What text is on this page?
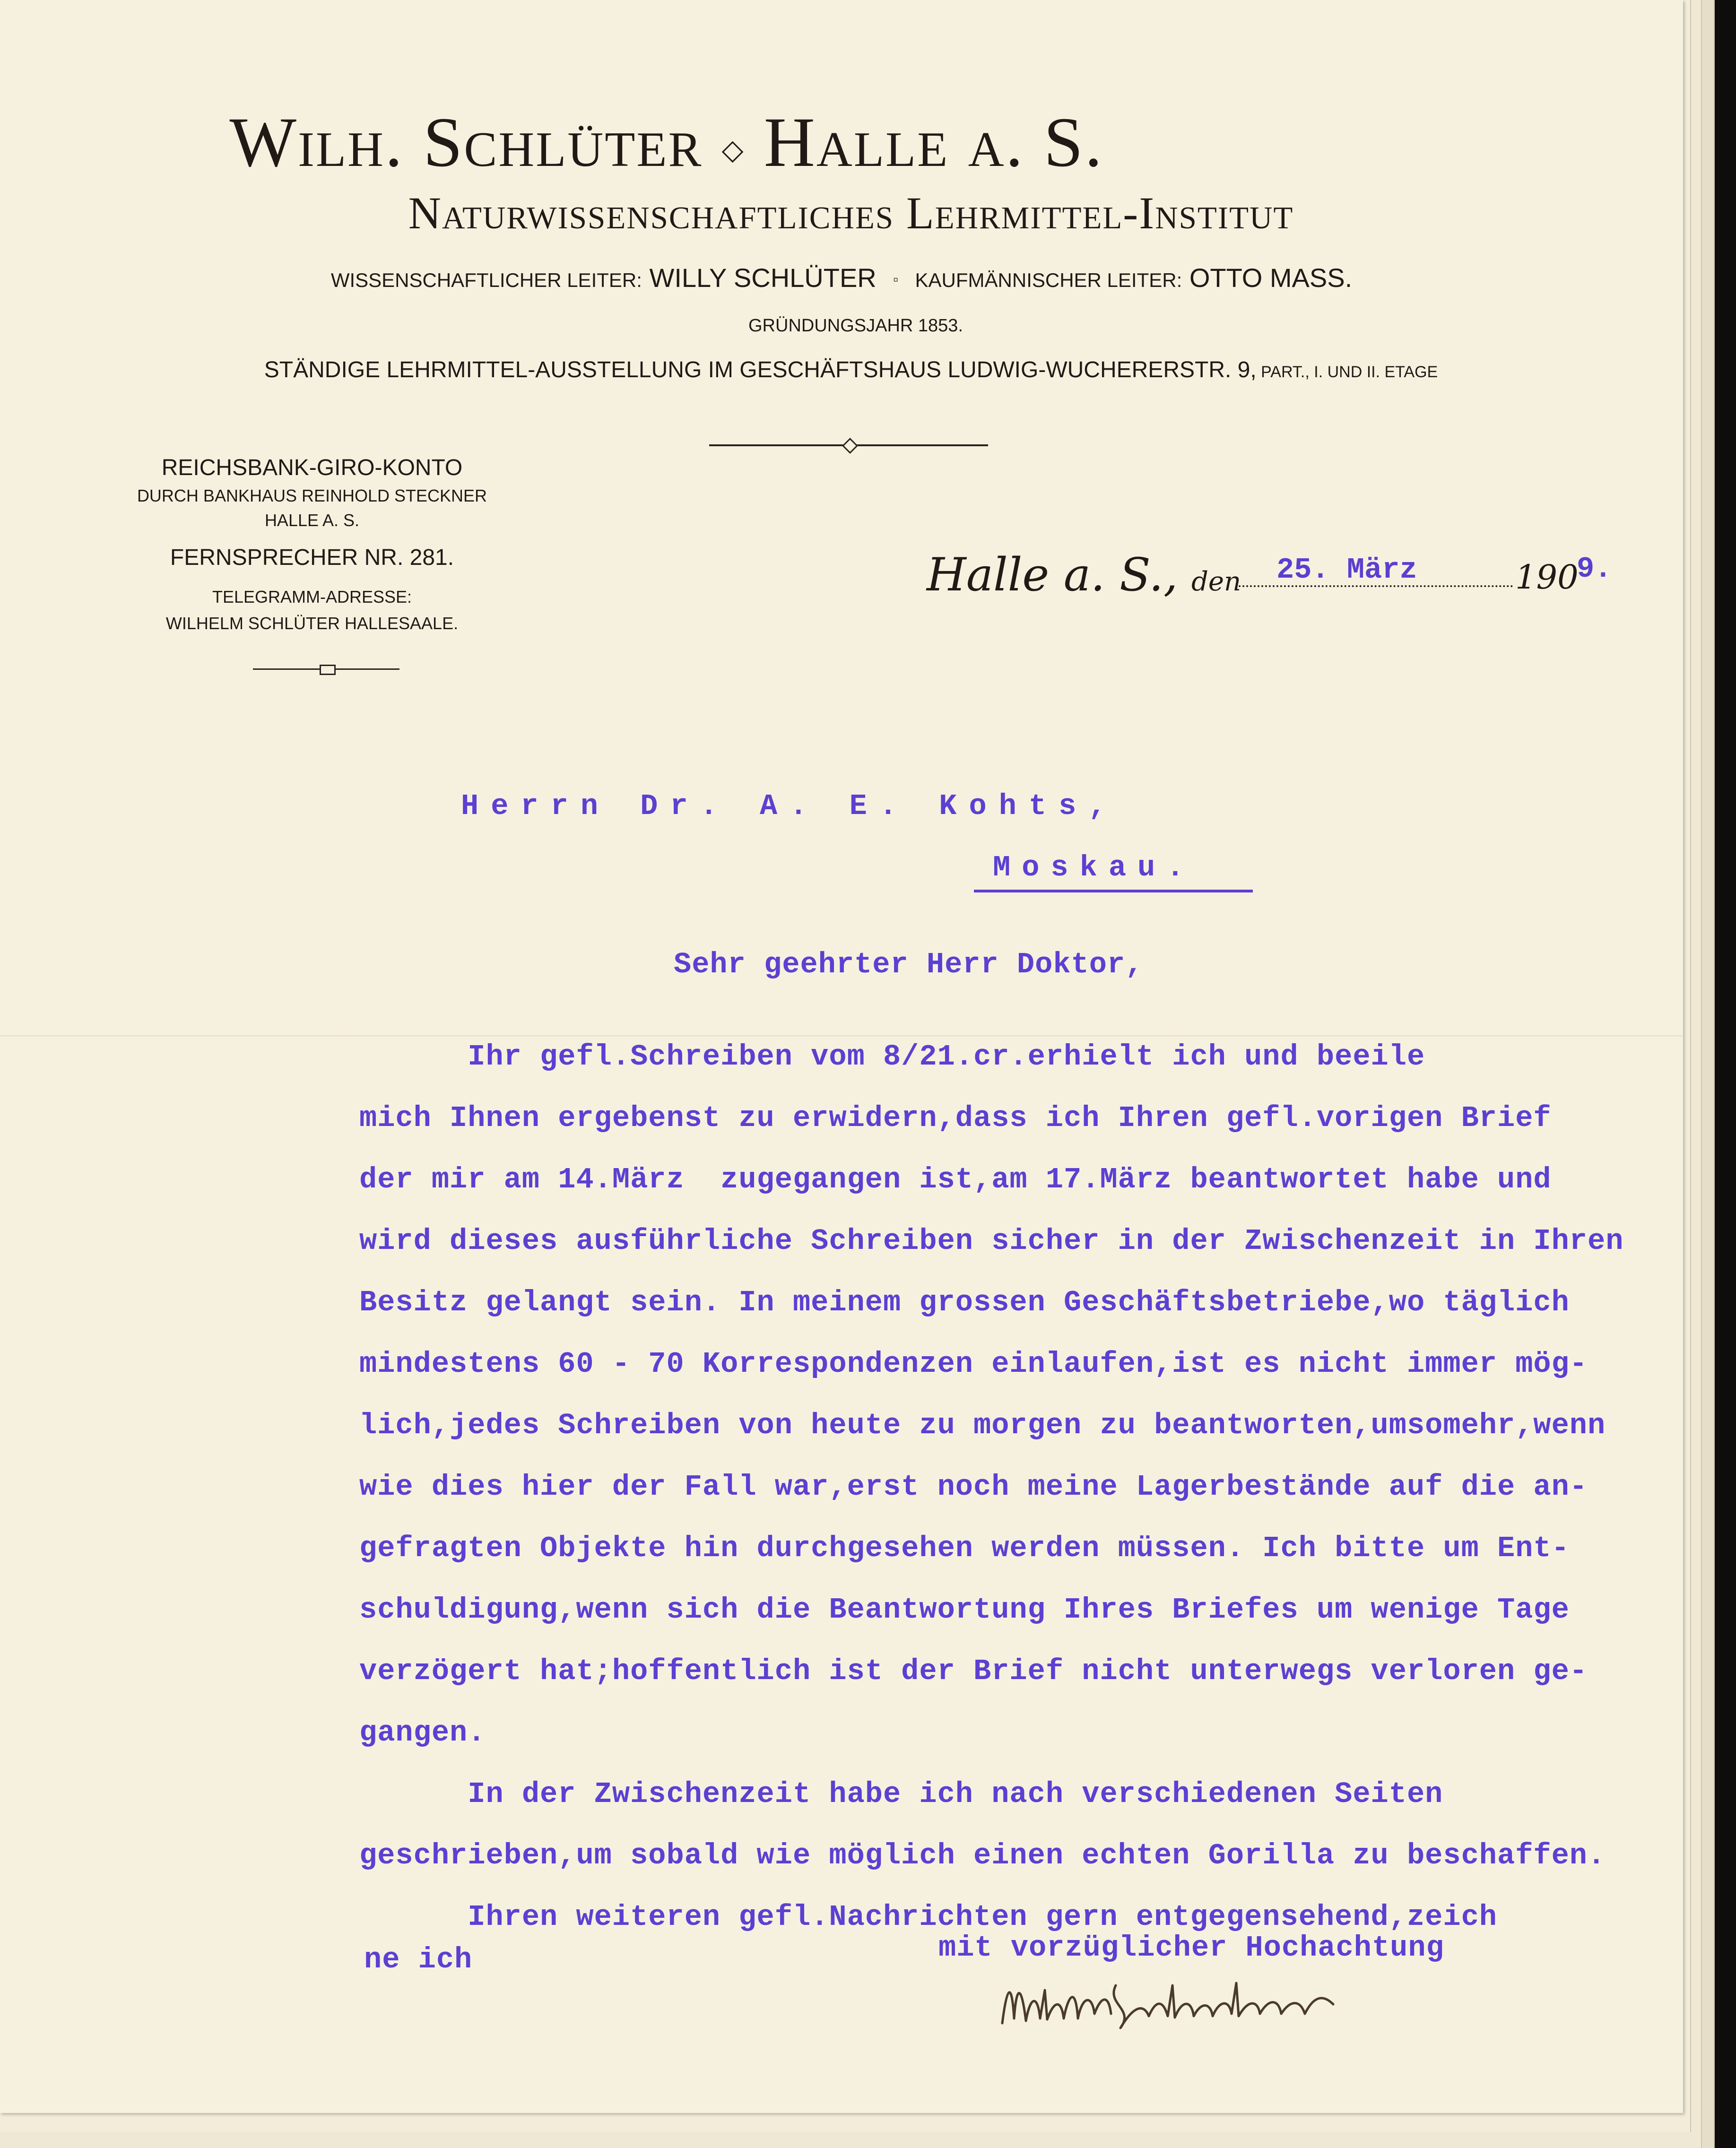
Wilh. Schlüter ◇ Halle a. S.
Naturwissenschaftliches Lehrmittel-Institut
WISSENSCHAFTLICHER LEITER: WILLY SCHLÜTER ▫ KAUFMÄNNISCHER LEITER: OTTO MASS.
GRÜNDUNGSJAHR 1853.
STÄNDIGE LEHRMITTEL-AUSSTELLUNG IM GESCHÄFTSHAUS LUDWIG-WUCHERERSTR. 9, PART., I. UND II. ETAGE
REICHSBANK-GIRO-KONTO
DURCH BANKHAUS REINHOLD STECKNER
HALLE A. S.
FERNSPRECHER NR. 281.
TELEGRAMM-ADRESSE:
WILHELM SCHLÜTER HALLESAALE.
Halle a. S., den 25. März	190
9.
Herrn Dr. A. E. Kohts,
Moskau.
Sehr geehrter Herr Doktor,
Ihr gefl.Schreiben vom 8/21.cr.erhielt ich und beeile
mich Ihnen ergebenst zu erwidern,dass ich Ihren gefl.vorigen Brief
der mir am 14.März  zugegangen ist,am 17.März beantwortet habe und
wird dieses ausführliche Schreiben sicher in der Zwischenzeit in Ihren
Besitz gelangt sein. In meinem grossen Geschäftsbetriebe,wo täglich
mindestens 60 - 70 Korrespondenzen einlaufen,ist es nicht immer mög-
lich,jedes Schreiben von heute zu morgen zu beantworten,umsomehr,wenn
wie dies hier der Fall war,erst noch meine Lagerbestände auf die an-
gefragten Objekte hin durchgesehen werden müssen. Ich bitte um Ent-
schuldigung,wenn sich die Beantwortung Ihres Briefes um wenige Tage
verzögert hat;hoffentlich ist der Brief nicht unterwegs verloren ge-
gangen.
In der Zwischenzeit habe ich nach verschiedenen Seiten
geschrieben,um sobald wie möglich einen echten Gorilla zu beschaffen.
Ihren weiteren gefl.Nachrichten gern entgegensehend,zeich
ne ich	mit vorzüglicher Hochachtung
